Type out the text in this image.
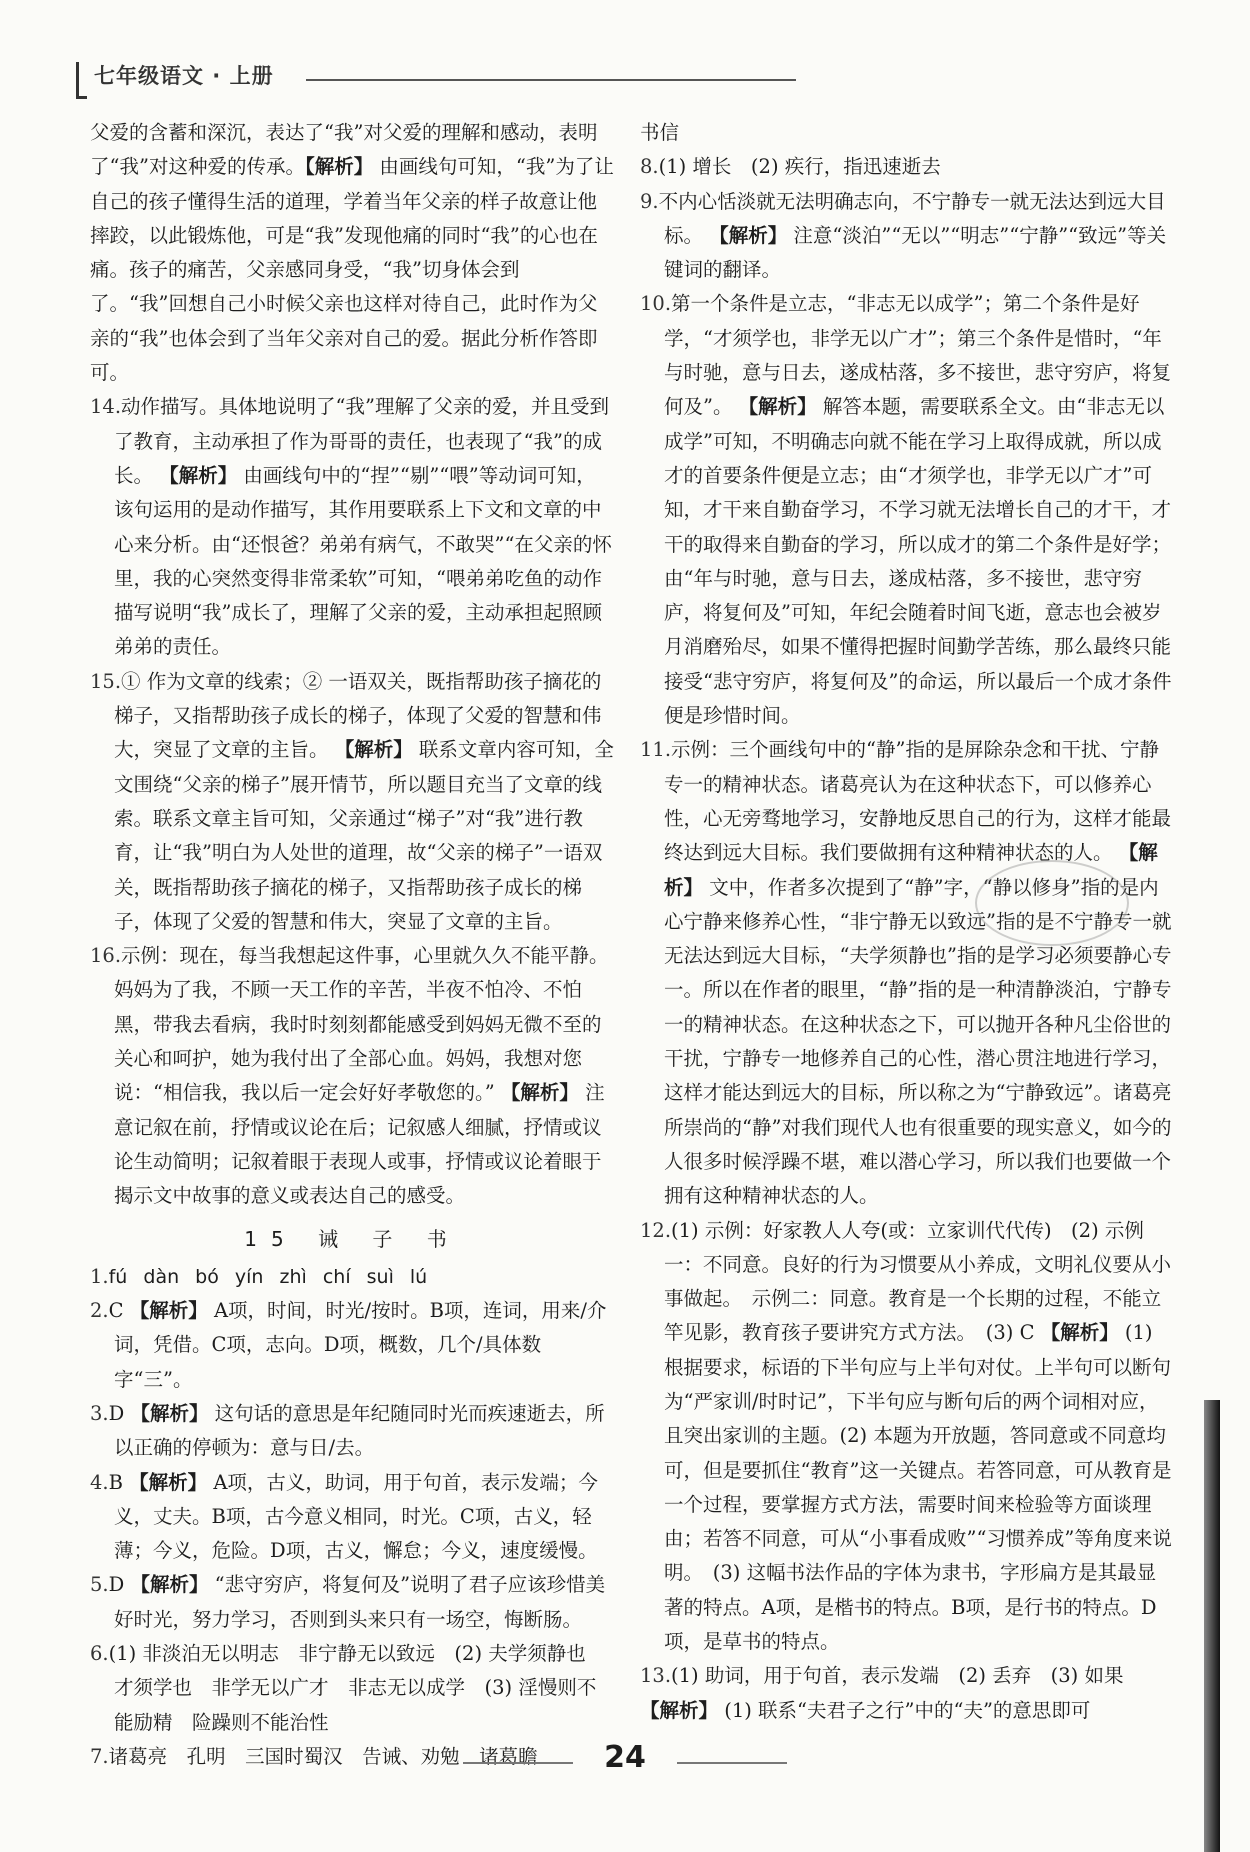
七年级语文 · 上册

父爱的含蓄和深沉，表达了“我”对父爱的理解和感动，表明了“我”对这种爱的传承。【解析】 由画线句可知，“我”为了让自己的孩子懂得生活的道理，学着当年父亲的样子故意让他摔跤，以此锻炼他，可是“我”发现他痛的同时“我”的心也在痛。孩子的痛苦，父亲感同身受，“我”切身体会到了。“我”回想自己小时候父亲也这样对待自己，此时作为父亲的“我”也体会到了当年父亲对自己的爱。据此分析作答即可。

14.动作描写。具体地说明了“我”理解了父亲的爱，并且受到了教育，主动承担了作为哥哥的责任，也表现了“我”的成长。 【解析】 由画线句中的“捏”“剔”“喂”等动词可知，该句运用的是动作描写，其作用要联系上下文和文章的中心来分析。由“还恨爸？弟弟有病气，不敢哭”“在父亲的怀里，我的心突然变得非常柔软”可知，“喂弟弟吃鱼的动作描写说明“我”成长了，理解了父亲的爱，主动承担起照顾弟弟的责任。

15.① 作为文章的线索；② 一语双关，既指帮助孩子摘花的梯子，又指帮助孩子成长的梯子，体现了父爱的智慧和伟大，突显了文章的主旨。 【解析】 联系文章内容可知，全文围绕“父亲的梯子”展开情节，所以题目充当了文章的线索。联系文章主旨可知，父亲通过“梯子”对“我”进行教育，让“我”明白为人处世的道理，故“父亲的梯子”一语双关，既指帮助孩子摘花的梯子，又指帮助孩子成长的梯子，体现了父爱的智慧和伟大，突显了文章的主旨。

16.示例：现在，每当我想起这件事，心里就久久不能平静。妈妈为了我，不顾一天工作的辛苦，半夜不怕冷、不怕黑，带我去看病，我时时刻刻都能感受到妈妈无微不至的关心和呵护，她为我付出了全部心血。妈妈，我想对您说：“相信我，我以后一定会好好孝敬您的。” 【解析】 注意记叙在前，抒情或议论在后；记叙感人细腻，抒情或议论生动简明；记叙着眼于表现人或事，抒情或议论着眼于揭示文中故事的意义或表达自己的感受。

15 诫 子 书

1.fú dàn bó yín zhì chí suì lú

2.C 【解析】 A项，时间，时光/按时。B项，连词，用来/介词，凭借。C项，志向。D项，概数，几个/具体数字“三”。

3.D 【解析】 这句话的意思是年纪随同时光而疾速逝去，所以正确的停顿为：意与日/去。

4.B 【解析】 A项，古义，助词，用于句首，表示发端；今义，丈夫。B项，古今意义相同，时光。C项，古义，轻薄；今义，危险。D项，古义，懈怠；今义，速度缓慢。

5.D 【解析】 “悲守穷庐，将复何及”说明了君子应该珍惜美好时光，努力学习，否则到头来只有一场空，悔断肠。

6.(1) 非淡泊无以明志　非宁静无以致远　(2) 夫学须静也　才须学也　非学无以广才　非志无以成学　(3) 淫慢则不能励精　险躁则不能治性

7.诸葛亮　孔明　三国时蜀汉　告诫、劝勉　诸葛瞻

书信

8.(1) 增长　(2) 疾行，指迅速逝去

9.不内心恬淡就无法明确志向，不宁静专一就无法达到远大目标。 【解析】 注意“淡泊”“无以”“明志”“宁静”“致远”等关键词的翻译。

10.第一个条件是立志，“非志无以成学”；第二个条件是好学，“才须学也，非学无以广才”；第三个条件是惜时，“年与时驰，意与日去，遂成枯落，多不接世，悲守穷庐，将复何及”。 【解析】 解答本题，需要联系全文。由“非志无以成学”可知，不明确志向就不能在学习上取得成就，所以成才的首要条件便是立志；由“才须学也，非学无以广才”可知，才干来自勤奋学习，不学习就无法增长自己的才干，才干的取得来自勤奋的学习，所以成才的第二个条件是好学；由“年与时驰，意与日去，遂成枯落，多不接世，悲守穷庐，将复何及”可知，年纪会随着时间飞逝，意志也会被岁月消磨殆尽，如果不懂得把握时间勤学苦练，那么最终只能接受“悲守穷庐，将复何及”的命运，所以最后一个成才条件便是珍惜时间。

11.示例：三个画线句中的“静”指的是屏除杂念和干扰、宁静专一的精神状态。诸葛亮认为在这种状态下，可以修养心性，心无旁骛地学习，安静地反思自己的行为，这样才能最终达到远大目标。我们要做拥有这种精神状态的人。 【解析】 文中，作者多次提到了“静”字，“静以修身”指的是内心宁静来修养心性，“非宁静无以致远”指的是不宁静专一就无法达到远大目标，“夫学须静也”指的是学习必须要静心专一。所以在作者的眼里，“静”指的是一种清静淡泊，宁静专一的精神状态。在这种状态之下，可以抛开各种凡尘俗世的干扰，宁静专一地修养自己的心性，潜心贯注地进行学习，这样才能达到远大的目标，所以称之为“宁静致远”。诸葛亮所崇尚的“静”对我们现代人也有很重要的现实意义，如今的人很多时候浮躁不堪，难以潜心学习，所以我们也要做一个拥有这种精神状态的人。

12.(1) 示例：好家教人人夸(或：立家训代代传)　(2) 示例一：不同意。良好的行为习惯要从小养成，文明礼仪要从小事做起。　示例二：同意。教育是一个长期的过程，不能立竿见影，教育孩子要讲究方式方法。　(3) C 【解析】 (1) 根据要求，标语的下半句应与上半句对仗。上半句可以断句为“严家训/时时记”，下半句应与断句后的两个词相对应，且突出家训的主题。(2) 本题为开放题，答同意或不同意均可，但是要抓住“教育”这一关键点。若答同意，可从教育是一个过程，要掌握方式方法，需要时间来检验等方面谈理由；若答不同意，可从“小事看成败”“习惯养成”等角度来说明。　(3) 这幅书法作品的字体为隶书，字形扁方是其最显著的特点。A项，是楷书的特点。B项，是行书的特点。D项，是草书的特点。

13.(1) 助词，用于句首，表示发端　(2) 丢弃　(3) 如果

【解析】 (1) 联系“夫君子之行”中的“夫”的意思即可

24
